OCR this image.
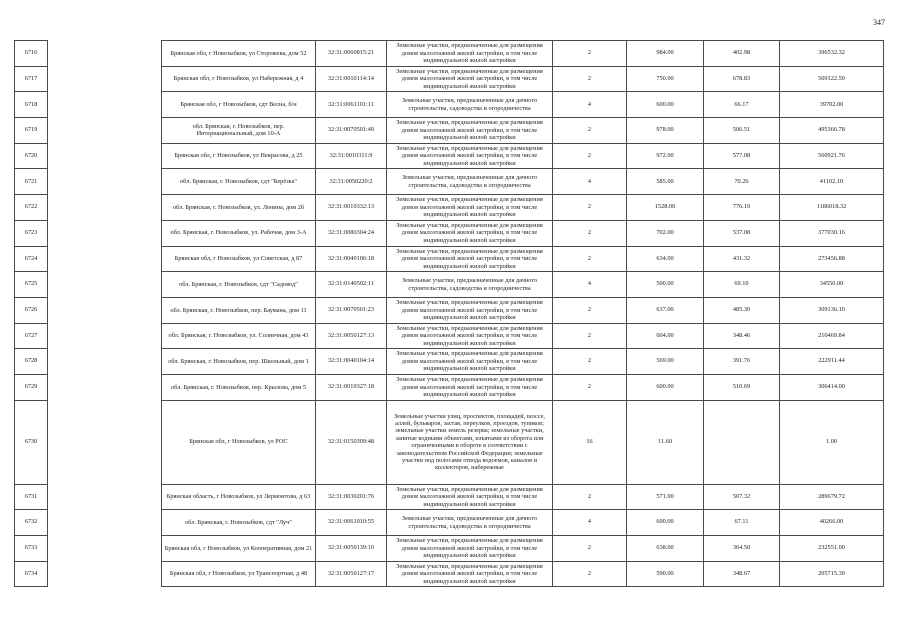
347
6716		Брянская обл, г Новозыбков, ул Сторожева, дом 52	32:31:0060815:21	Земельные участки, предназначенные для размещения домов малоэтажной жилой застройки, в том числе индивидуальной жилой застройки	2	984.00	402.98	396532.32
6717		Брянская обл, г Новозыбков, ул Набережная, д 4	32:31:0010114:14	Земельные участки, предназначенные для размещения домов малоэтажной жилой застройки, в том числе индивидуальной жилой застройки	2	750.00	678.83	509122.50
6718		Брянская обл, г Новозыбков, сдт Весна, б/н	32:31:0061101:11	Земельные участки, предназначенные для дачного строительства, садоводства и огородничества	4	600.00	66.17	39702.00
6719		обл. Брянская, г. Новозыбков, пер. Интернациональный, дом 10-А	32:31:0070501:49	Земельные участки, предназначенные для размещения домов малоэтажной жилой застройки, в том числе индивидуальной жилой застройки	2	978.00	506.51	495366.78
6720		Брянская обл, г Новозыбков, ул Некрасова, д 25	32:31:0010311:9	Земельные участки, предназначенные для размещения домов малоэтажной жилой застройки, в том числе индивидуальной жилой застройки	2	972.00	577.08	560921.76
6721		обл. Брянская, г. Новозыбков, сдт "Берёзка"	32:31:0050220:2	Земельные участки, предназначенные для дачного строительства, садоводства и огородничества	4	585.00	70.26	41102.10
6722		обл. Брянская, г. Новозыбков, ул. Ленина, дом 2б	32:31:0010332:13	Земельные участки, предназначенные для размещения домов малоэтажной жилой застройки, в том числе индивидуальной жилой застройки	2	1528.00	776.19	1186018.32
6723		обл. Брянская, г. Новозыбков, ул. Рабочая, дом 3-А	32:31:0080304:24	Земельные участки, предназначенные для размещения домов малоэтажной жилой застройки, в том числе индивидуальной жилой застройки	2	702.00	537.08	377030.16
6724		Брянская обл, г Новозыбков, ул Советская, д 87	32:31:0040106:18	Земельные участки, предназначенные для размещения домов малоэтажной жилой застройки, в том числе индивидуальной жилой застройки	2	634.00	431.32	273456.88
6725		обл. Брянская, г. Новозыбков, сдт "Садовод"	32:31:0140502:11	Земельные участки, предназначенные для дачного строительства, садоводства и огородничества	4	500.00	69.10	34550.00
6726		обл. Брянская, г. Новозыбков, пер. Баумана, дом 11	32:31:0070501:23	Земельные участки, предназначенные для размещения домов малоэтажной жилой застройки, в том числе индивидуальной жилой застройки	2	637.00	485.30	309136.10
6727		обл. Брянская, г. Новозыбков, ул. Солнечная, дом 43	32:31:0050127:13	Земельные участки, предназначенные для размещения домов малоэтажной жилой застройки, в том числе индивидуальной жилой застройки	2	604.00	348.46	210469.84
6728		обл. Брянская, г. Новозыбков, пер. Школьный, дом 1	32:31:0040104:14	Земельные участки, предназначенные для размещения домов малоэтажной жилой застройки, в том числе индивидуальной жилой застройки	2	569.00	391.76	222911.44
6729		обл. Брянская, г. Новозыбков, пер. Крылова, дом 5	32:31:0010327:18	Земельные участки, предназначенные для размещения домов малоэтажной жилой застройки, в том числе индивидуальной жилой застройки	2	600.00	510.69	306414.00
6730		Брянская обл, г Новозыбков, ул РОС	32:31:0150309:48	Земельные участки улиц, проспектов, площадей, шоссе, аллей, бульваров, застав, переулков, проездов, тупиков; земельные участки земель резерва; земельные участки, занятые водными объектами, изъятыми из оборота или ограниченными в обороте в соответствии с законодательством Российской Федерации; земельные участки под полосами отвода водоемов, каналов и коллекторов, набережные	16	11.60		1.00
6731		Брянская область, г Новозыбков, ул Лермонтова, д 63	32:31:0030201:76	Земельные участки, предназначенные для размещения домов малоэтажной жилой застройки, в том числе индивидуальной жилой застройки	2	571.00	507.32	289679.72
6732		обл. Брянская, г. Новозыбков, сдт "Луч"	32:31:0061010:55	Земельные участки, предназначенные для дачного строительства, садоводства и огородничества	4	600.00	67.11	40266.00
6733		Брянская обл, г Новозыбков, ул Кооперативная, дом 21	32:31:0050139:10	Земельные участки, предназначенные для размещения домов малоэтажной жилой застройки, в том числе индивидуальной жилой застройки	2	638.00	364.50	232551.00
6734		Брянская обл, г Новозыбков, ул Транспортная, д 48	32:31:0050127:17	Земельные участки, предназначенные для размещения домов малоэтажной жилой застройки, в том числе индивидуальной жилой застройки	2	590.00	348.67	205715.30
